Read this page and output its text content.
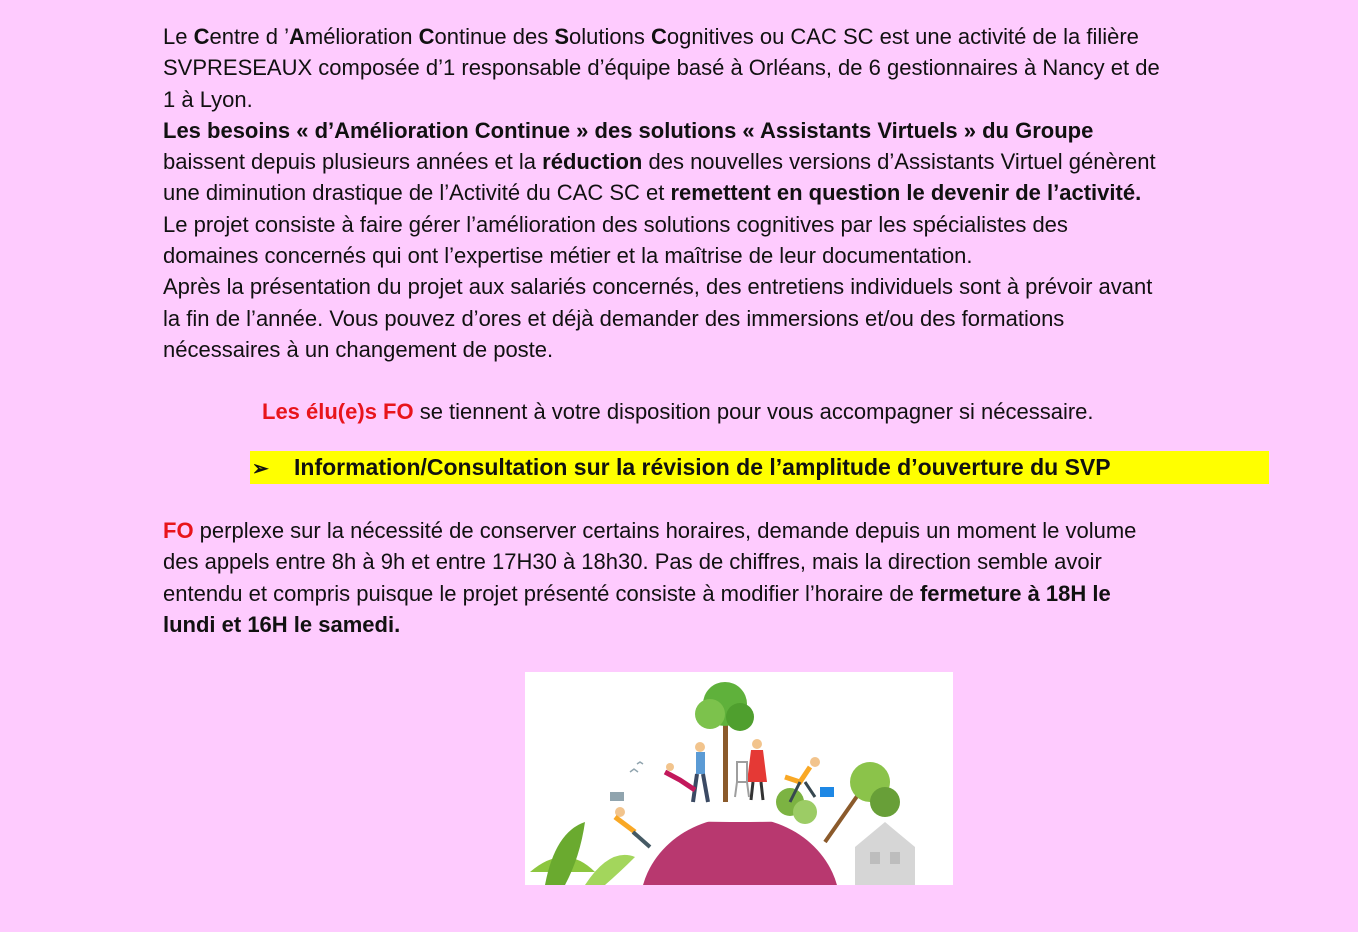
Le Centre d ’Amélioration Continue des Solutions Cognitives ou CAC SC est une activité de la filière
SVPRESEAUX composée d’1 responsable d’équipe basé à Orléans, de 6 gestionnaires à Nancy et de
1 à Lyon.
Les besoins « d’Amélioration Continue » des solutions « Assistants Virtuels » du Groupe
baissent depuis plusieurs années et la réduction des nouvelles versions d’Assistants Virtuel génèrent
une diminution drastique de l’Activité du CAC SC et remettent en question le devenir de l’activité.
Le projet consiste à faire gérer l’amélioration des solutions cognitives par les spécialistes des
domaines concernés qui ont l’expertise métier et la maîtrise de leur documentation.
Après la présentation du projet aux salariés concernés, des entretiens individuels sont à prévoir avant
la fin de l’année. Vous pouvez d’ores et déjà demander des immersions et/ou des formations
nécessaires à un changement de poste.
Les élu(e)s FO se tiennent à votre disposition pour vous accompagner si nécessaire.
➢ Information/Consultation sur la révision de l’amplitude d’ouverture du SVP
FO perplexe sur la nécessité de conserver certains horaires, demande depuis un moment le volume
des appels entre 8h à 9h et entre 17H30 à 18h30. Pas de chiffres, mais la direction semble avoir
entendu et compris puisque le projet présenté consiste à modifier l’horaire de fermeture à 18H le
lundi et 16H le samedi.
